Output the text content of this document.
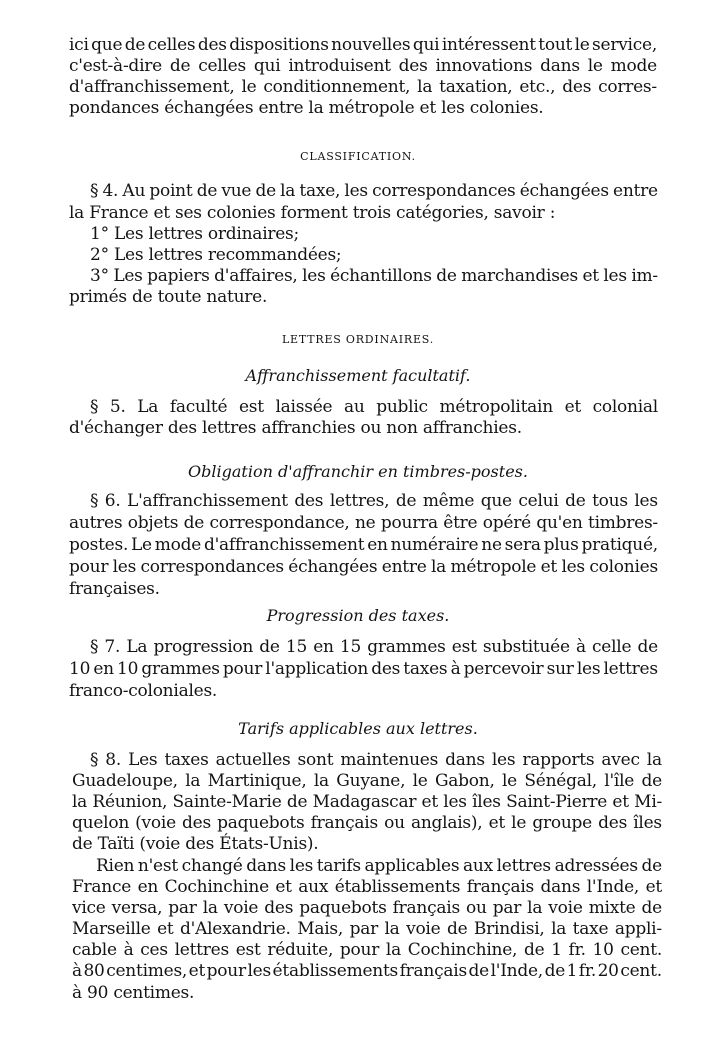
ici que de celles des dispositions nouvelles qui intéressent tout le service,
c'est-à-dire de celles qui introduisent des innovations dans le mode
d'affranchissement, le conditionnement, la taxation, etc., des corres-
pondances échangées entre la métropole et les colonies.
CLASSIFICATION.
§ 4. Au point de vue de la taxe, les correspondances échangées entre
la France et ses colonies forment trois catégories, savoir :
1° Les lettres ordinaires;
2° Les lettres recommandées;
3° Les papiers d'affaires, les échantillons de marchandises et les im-
primés de toute nature.
LETTRES ORDINAIRES.
Affranchissement facultatif.
§ 5. La faculté est laissée au public métropolitain et colonial
d'échanger des lettres affranchies ou non affranchies.
Obligation d'affranchir en timbres-postes.
§ 6. L'affranchissement des lettres, de même que celui de tous les
autres objets de correspondance, ne pourra être opéré qu'en timbres-
postes. Le mode d'affranchissement en numéraire ne sera plus pratiqué,
pour les correspondances échangées entre la métropole et les colonies
françaises.
Progression des taxes.
§ 7. La progression de 15 en 15 grammes est substituée à celle de
10 en 10 grammes pour l'application des taxes à percevoir sur les lettres
franco-coloniales.
Tarifs applicables aux lettres.
§ 8. Les taxes actuelles sont maintenues dans les rapports avec la
Guadeloupe, la Martinique, la Guyane, le Gabon, le Sénégal, l'île de
la Réunion, Sainte-Marie de Madagascar et les îles Saint-Pierre et Mi-
quelon (voie des paquebots français ou anglais), et le groupe des îles
de Taïti (voie des États-Unis).
Rien n'est changé dans les tarifs applicables aux lettres adressées de
France en Cochinchine et aux établissements français dans l'Inde, et
vice versa, par la voie des paquebots français ou par la voie mixte de
Marseille et d'Alexandrie. Mais, par la voie de Brindisi, la taxe appli-
cable à ces lettres est réduite, pour la Cochinchine, de 1 fr. 10 cent.
à 80 centimes, et pour les établissements français de l'Inde, de 1 fr. 20 cent.
à 90 centimes.
